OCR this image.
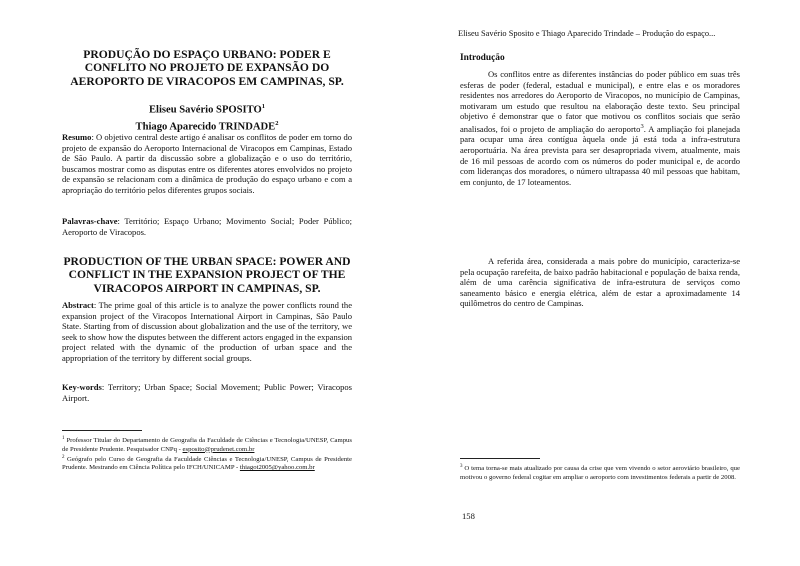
PRODUÇÃO DO ESPAÇO URBANO: PODER E CONFLITO NO PROJETO DE EXPANSÃO DO AEROPORTO DE VIRACOPOS EM CAMPINAS, SP.

Eliseu Savério SPOSITO$^1$

Thiago Aparecido TRINDADE$^2$

Resumo: O objetivo central deste artigo é analisar os conflitos de poder em torno do projeto de expansão do Aeroporto Internacional de Viracopos em Campinas, Estado de São Paulo. A partir da discussão sobre a globalização e o uso do território, buscamos mostrar como as disputas entre os diferentes atores envolvidos no projeto de expansão se relacionam com a dinâmica de produção do espaço urbano e com a apropriação do território pelos diferentes grupos sociais.

Palavras-chave: Território; Espaço Urbano; Movimento Social; Poder Público; Aeroporto de Viracopos.

PRODUCTION OF THE URBAN SPACE: POWER AND CONFLICT IN THE EXPANSION PROJECT OF THE VIRACOPOS AIRPORT IN CAMPINAS, SP.

Abstract: The prime goal of this article is to analyze the power conflicts round the expansion project of the Viracopos International Airport in Campinas, São Paulo State. Starting from of discussion about globalization and the use of the territory, we seek to show how the disputes between the different actors engaged in the expansion project related with the dynamic of the production of urban space and the appropriation of the territory by different social groups.

Key-words: Territory; Urban Space; Social Movement; Public Power; Viracopos Airport.

$^1$ Professor Titular do Departamento de Geografia da Faculdade de Ciências e Tecnologia/UNESP, Campus de Presidente Prudente. Pesquisador CNPq - esposito@prudenet.com.br

$^2$ Geógrafo pelo Curso de Geografia da Faculdade Ciências e Tecnologia/UNESP, Campus de Presidente Prudente. Mestrando em Ciência Política pelo IFCH/UNICAMP - thiagot2005@yahoo.com.br

Eliseu Savério Sposito e Thiago Aparecido Trindade – Produção do espaço...

Introdução

Os conflitos entre as diferentes instâncias do poder público em suas três esferas de poder (federal, estadual e municipal), e entre elas e os moradores residentes nos arredores do Aeroporto de Viracopos, no município de Campinas, motivaram um estudo que resultou na elaboração deste texto. Seu principal objetivo é demonstrar que o fator que motivou os conflitos sociais que serão analisados, foi o projeto de ampliação do aeroporto$^3$. A ampliação foi planejada para ocupar uma área contígua àquela onde já está toda a infra-estrutura aeroportuária. Na área prevista para ser desapropriada vivem, atualmente, mais de 16 mil pessoas de acordo com os números do poder municipal e, de acordo com lideranças dos moradores, o número ultrapassa 40 mil pessoas que habitam, em conjunto, de 17 loteamentos.

A referida área, considerada a mais pobre do município, caracteriza-se pela ocupação rarefeita, de baixo padrão habitacional e população de baixa renda, além de uma carência significativa de infra-estrutura de serviços como saneamento básico e energia elétrica, além de estar a aproximadamente 14 quilômetros do centro de Campinas.

$^3$ O tema torna-se mais atualizado por causa da crise que vem vivendo o setor aeroviário brasileiro, que motivou o governo federal cogitar em ampliar o aeroporto com investimentos federais a partir de 2008.

158
